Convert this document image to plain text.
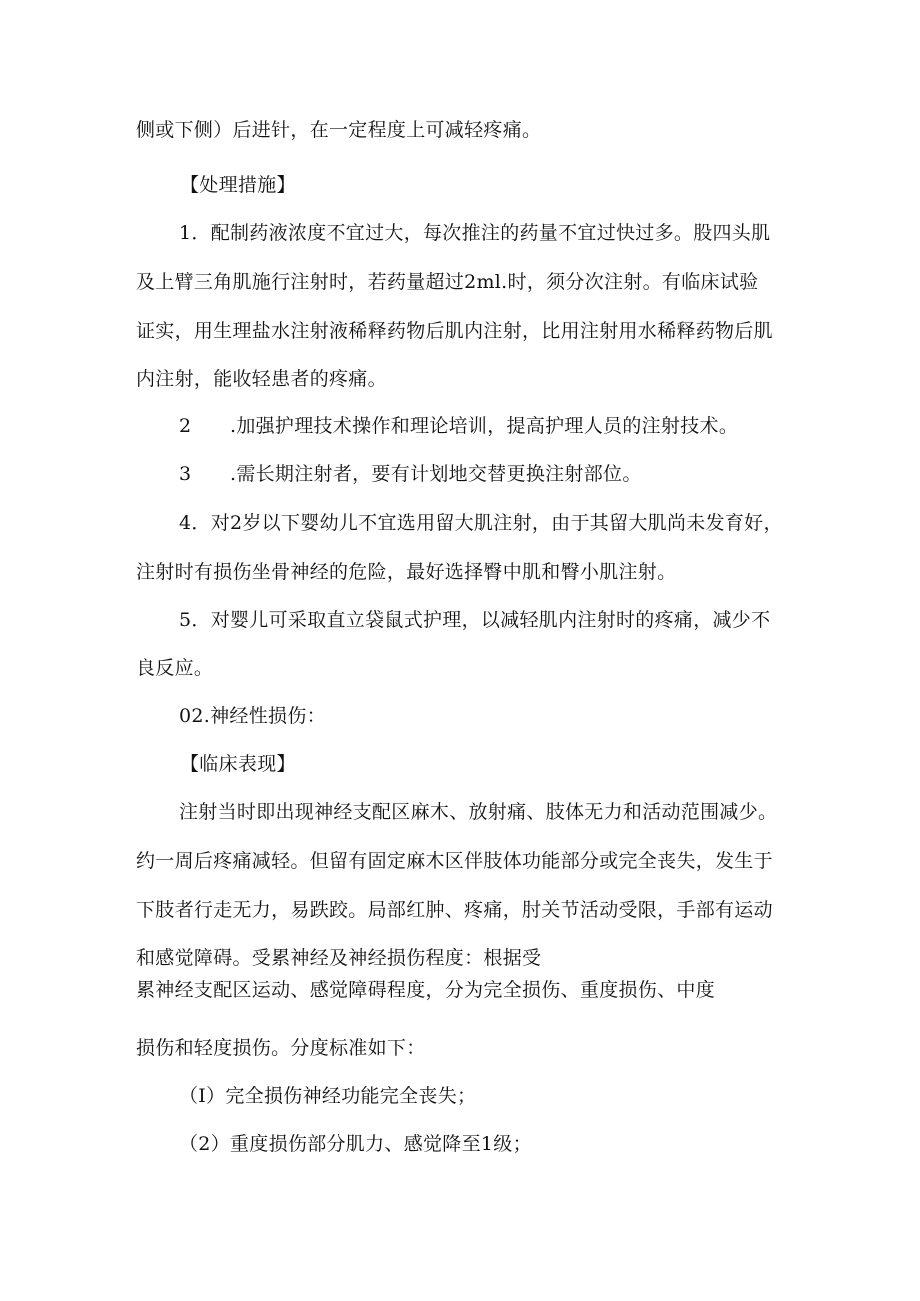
侧或下侧）后进针，在一定程度上可减轻疼痛。
【处理措施】
1．配制药液浓度不宜过大，每次推注的药量不宜过快过多。股四头肌
及上臂三角肌施行注射时，若药量超过2ml.时，须分次注射。有临床试验
证实，用生理盐水注射液稀释药物后肌内注射，比用注射用水稀释药物后肌
内注射，能收轻患者的疼痛。
2　　.加强护理技术操作和理论培训，提高护理人员的注射技术。
3　　.需长期注射者，要有计划地交替更换注射部位。
4．对2岁以下婴幼儿不宜选用留大肌注射，由于其留大肌尚未发育好，
注射时有损伤坐骨神经的危险，最好选择臀中肌和臀小肌注射。
5．对婴儿可采取直立袋鼠式护理，以减轻肌内注射时的疼痛，减少不
良反应。
02.神经性损伤：
【临床表现】
注射当时即出现神经支配区麻木、放射痛、肢体无力和活动范围减少。
约一周后疼痛减轻。但留有固定麻木区伴肢体功能部分或完全丧失，发生于
下肢者行走无力，易跌跤。局部红肿、疼痛，肘关节活动受限，手部有运动
和感觉障碍。受累神经及神经损伤程度：根据受
累神经支配区运动、感觉障碍程度，分为完全损伤、重度损伤、中度
损伤和轻度损伤。分度标准如下：
（I）完全损伤神经功能完全丧失；
（2）重度损伤部分肌力、感觉降至1级；
